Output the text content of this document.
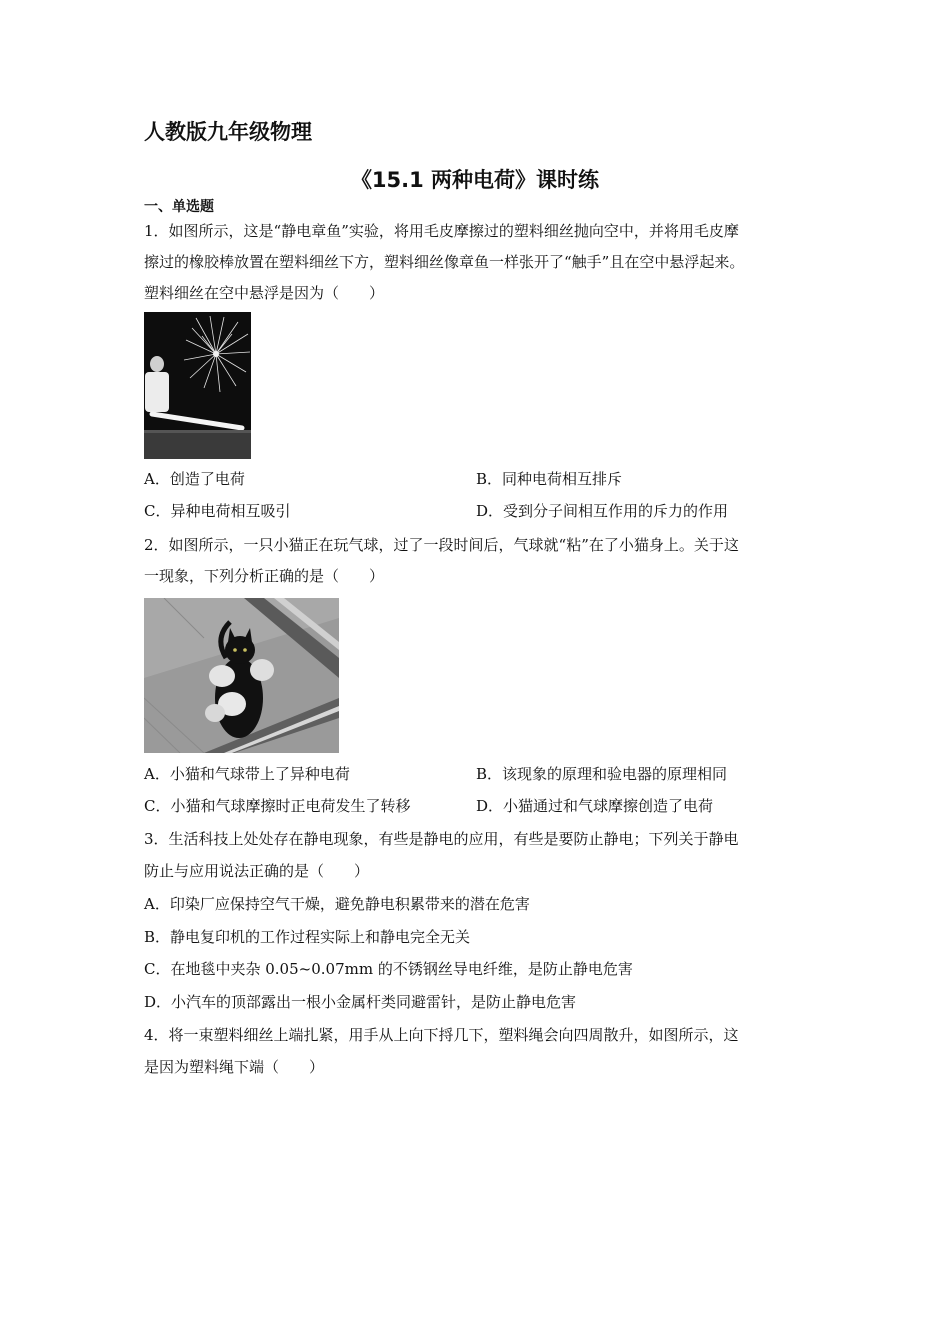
人教版九年级物理
《15.1 两种电荷》课时练
一、单选题
1．如图所示，这是“静电章鱼”实验，将用毛皮摩擦过的塑料细丝抛向空中，并将用毛皮摩
擦过的橡胶棒放置在塑料细丝下方，塑料细丝像章鱼一样张开了“触手”且在空中悬浮起来。
塑料细丝在空中悬浮是因为（　　）
A．创造了电荷	B．同种电荷相互排斥
C．异种电荷相互吸引	D．受到分子间相互作用的斥力的作用
2．如图所示，一只小猫正在玩气球，过了一段时间后，气球就“粘”在了小猫身上。关于这
一现象，下列分析正确的是（　　）
A．小猫和气球带上了异种电荷	B．该现象的原理和验电器的原理相同
C．小猫和气球摩擦时正电荷发生了转移	D．小猫通过和气球摩擦创造了电荷
3．生活科技上处处存在静电现象，有些是静电的应用，有些是要防止静电；下列关于静电
防止与应用说法正确的是（　　）
A．印染厂应保持空气干燥，避免静电积累带来的潜在危害
B．静电复印机的工作过程实际上和静电完全无关
C．在地毯中夹杂 0.05~0.07mm 的不锈钢丝导电纤维，是防止静电危害
D．小汽车的顶部露出一根小金属杆类同避雷针，是防止静电危害
4．将一束塑料细丝上端扎紧，用手从上向下捋几下，塑料绳会向四周散升，如图所示，这
是因为塑料绳下端（　　）
